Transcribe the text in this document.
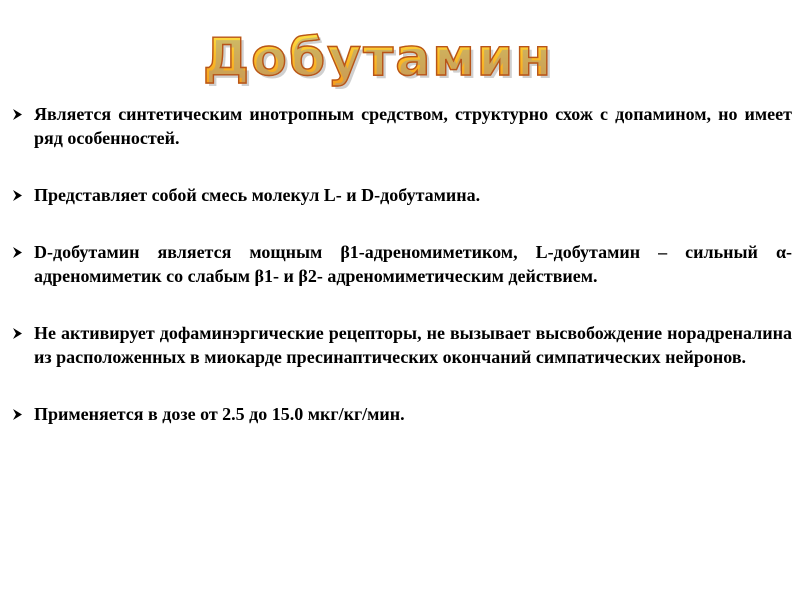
Добутамин
Является синтетическим инотропным средством, структурно схож с допамином, но имеет ряд особенностей.
Представляет собой смесь молекул L- и D-добутамина.
D-добутамин является мощным β1-адреномиметиком, L-добутамин – сильный α-адреномиметик со слабым β1- и β2- адреномиметическим действием.
Не активирует дофаминэргические рецепторы, не вызывает высвобождение норадреналина из расположенных в миокарде пресинаптических окончаний симпатических нейронов.
Применяется в дозе от 2.5 до 15.0 мкг/кг/мин.
